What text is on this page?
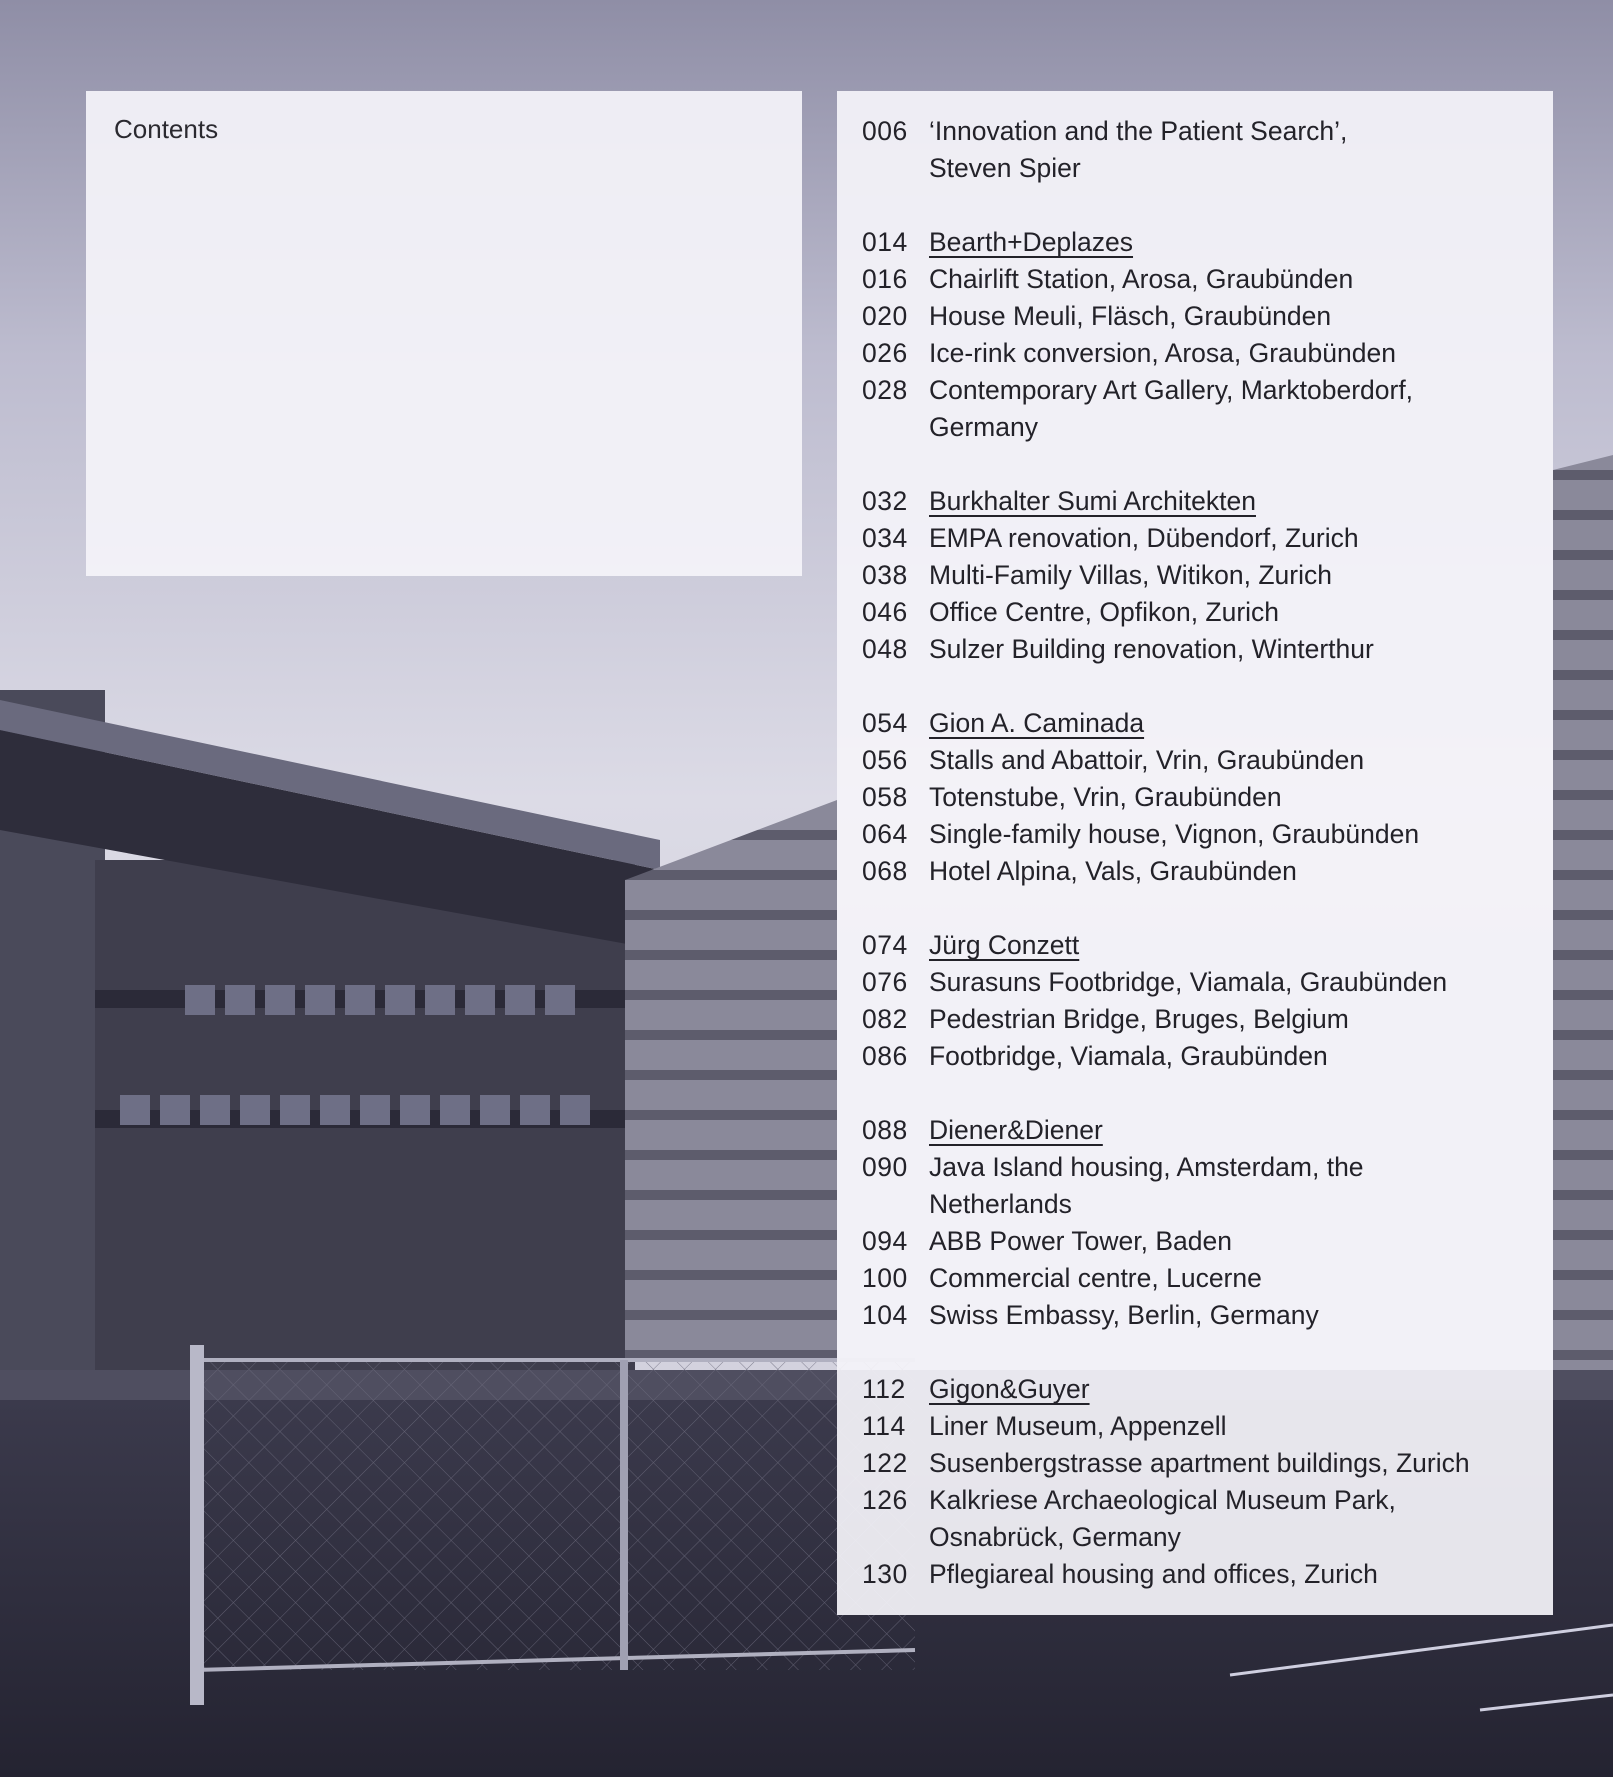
Contents	006 ‘Innovation and the Patient Search’,
Steven Spier
014 Bearth+Deplazes
016 Chairlift Station, Arosa, Graubünden
020 House Meuli, Fläsch, Graubünden
026 Ice-rink conversion, Arosa, Graubünden
028 Contemporary Art Gallery, Marktoberdorf,
Germany
032 Burkhalter Sumi Architekten
034 EMPA renovation, Dübendorf, Zurich
038 Multi-Family Villas, Witikon, Zurich
046 Office Centre, Opfikon, Zurich
048 Sulzer Building renovation, Winterthur
054 Gion A. Caminada
056 Stalls and Abattoir, Vrin, Graubünden
058 Totenstube, Vrin, Graubünden
064 Single-family house, Vignon, Graubünden
068 Hotel Alpina, Vals, Graubünden
074 Jürg Conzett
076 Surasuns Footbridge, Viamala, Graubünden
082 Pedestrian Bridge, Bruges, Belgium
086 Footbridge, Viamala, Graubünden
088 Diener&Diener
090 Java Island housing, Amsterdam, the
Netherlands
094 ABB Power Tower, Baden
100 Commercial centre, Lucerne
104 Swiss Embassy, Berlin, Germany
112 Gigon&Guyer
114 Liner Museum, Appenzell
122 Susenbergstrasse apartment buildings, Zurich
126 Kalkriese Archaeological Museum Park,
Osnabrück, Germany
130 Pflegiareal housing and offices, Zurich
